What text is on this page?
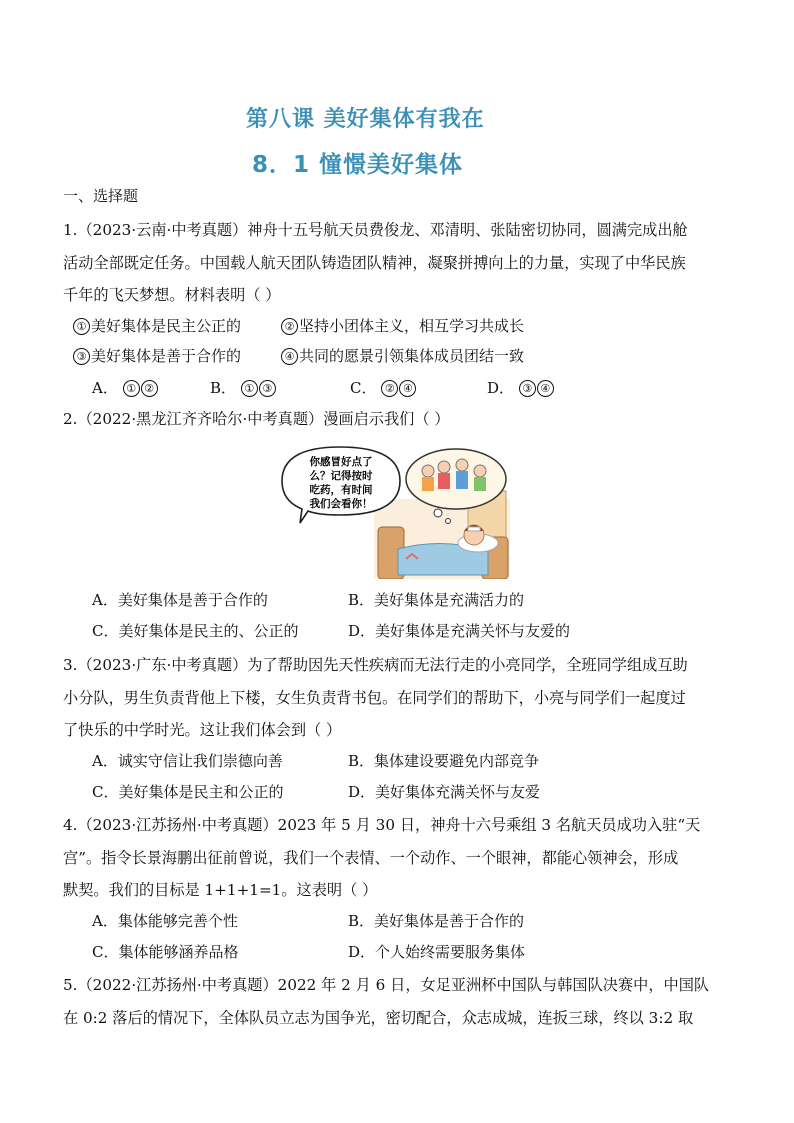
第八课 美好集体有我在
8．1 憧憬美好集体
一、选择题
1.（2023·云南·中考真题）神舟十五号航天员费俊龙、邓清明、张陆密切协同，圆满完成出舱
活动全部既定任务。中国载人航天团队铸造团队精神，凝聚拼搏向上的力量，实现了中华民族
千年的飞天梦想。材料表明（ ）
① 美好集体是民主公正的	② 坚持小团体主义，相互学习共成长
③ 美好集体是善于合作的	④ 共同的愿景引领集体成员团结一致
A． ① ②	B． ① ③	C． ② ④	D． ③ ④
2.（2022·黑龙江齐齐哈尔·中考真题）漫画启示我们（ ）
你感冒好点了
么？记得按时
吃药，有时间
我们会看你！
A．美好集体是善于合作的	B．美好集体是充满活力的
C．美好集体是民主的、公正的	D．美好集体是充满关怀与友爱的
3.（2023·广东·中考真题）为了帮助因先天性疾病而无法行走的小亮同学，全班同学组成互助
小分队，男生负责背他上下楼，女生负责背书包。在同学们的帮助下，小亮与同学们一起度过
了快乐的中学时光。这让我们体会到（ ）
A．诚实守信让我们崇德向善	B．集体建设要避免内部竞争
C．美好集体是民主和公正的	D．美好集体充满关怀与友爱
4.（2023·江苏扬州·中考真题）2023 年 5 月 30 日，神舟十六号乘组 3 名航天员成功入驻“天
宫”。指令长景海鹏出征前曾说，我们一个表情、一个动作、一个眼神，都能心领神会，形成
默契。我们的目标是 1+1+1=1。这表明（ ）
A．集体能够完善个性	B．美好集体是善于合作的
C．集体能够涵养品格	D．个人始终需要服务集体
5.（2022·江苏扬州·中考真题）2022 年 2 月 6 日，女足亚洲杯中国队与韩国队决赛中，中国队
在 0:2 落后的情况下，全体队员立志为国争光，密切配合，众志成城，连扳三球，终以 3:2 取
